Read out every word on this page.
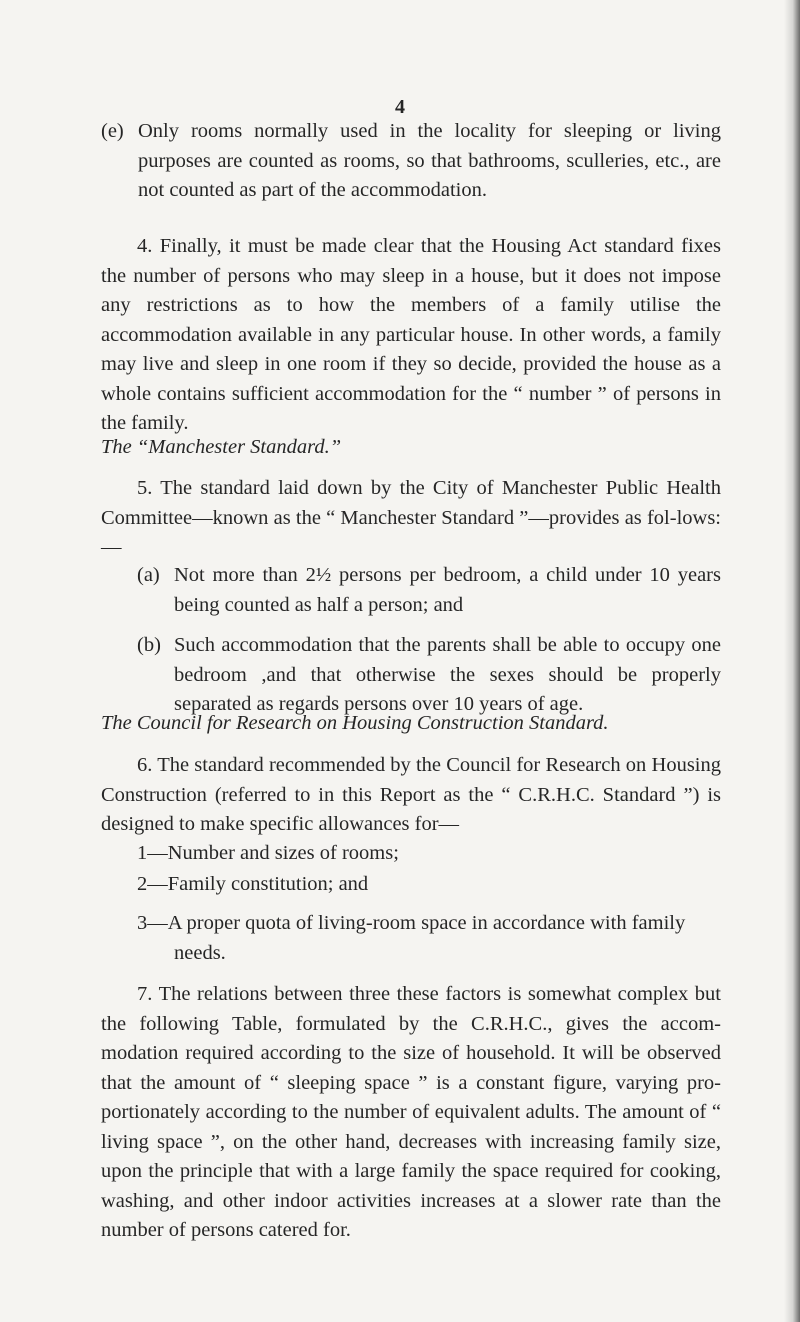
4
(e) Only rooms normally used in the locality for sleeping or living purposes are counted as rooms, so that bathrooms, sculleries, etc., are not counted as part of the accommodation.
4. Finally, it must be made clear that the Housing Act standard fixes the number of persons who may sleep in a house, but it does not impose any restrictions as to how the members of a family utilise the accommodation available in any particular house. In other words, a family may live and sleep in one room if they so decide, provided the house as a whole contains sufficient accommodation for the “ number ” of persons in the family.
The “Manchester Standard.”
5. The standard laid down by the City of Manchester Public Health Committee—known as the “ Manchester Standard ”—provides as fol-lows:—
(a) Not more than 2½ persons per bedroom, a child under 10 years being counted as half a person; and
(b) Such accommodation that the parents shall be able to occupy one bedroom ,and that otherwise the sexes should be properly separated as regards persons over 10 years of age.
The Council for Research on Housing Construction Standard.
6. The standard recommended by the Council for Research on Housing Construction (referred to in this Report as the “ C.R.H.C. Standard ”) is designed to make specific allowances for—
1—Number and sizes of rooms;
2—Family constitution; and
3—A proper quota of living-room space in accordance with family needs.
7. The relations between three these factors is somewhat complex but the following Table, formulated by the C.R.H.C., gives the accom-modation required according to the size of household. It will be observed that the amount of “ sleeping space ” is a constant figure, varying pro-portionately according to the number of equivalent adults. The amount of “ living space ”, on the other hand, decreases with increasing family size, upon the principle that with a large family the space required for cooking, washing, and other indoor activities increases at a slower rate than the number of persons catered for.
